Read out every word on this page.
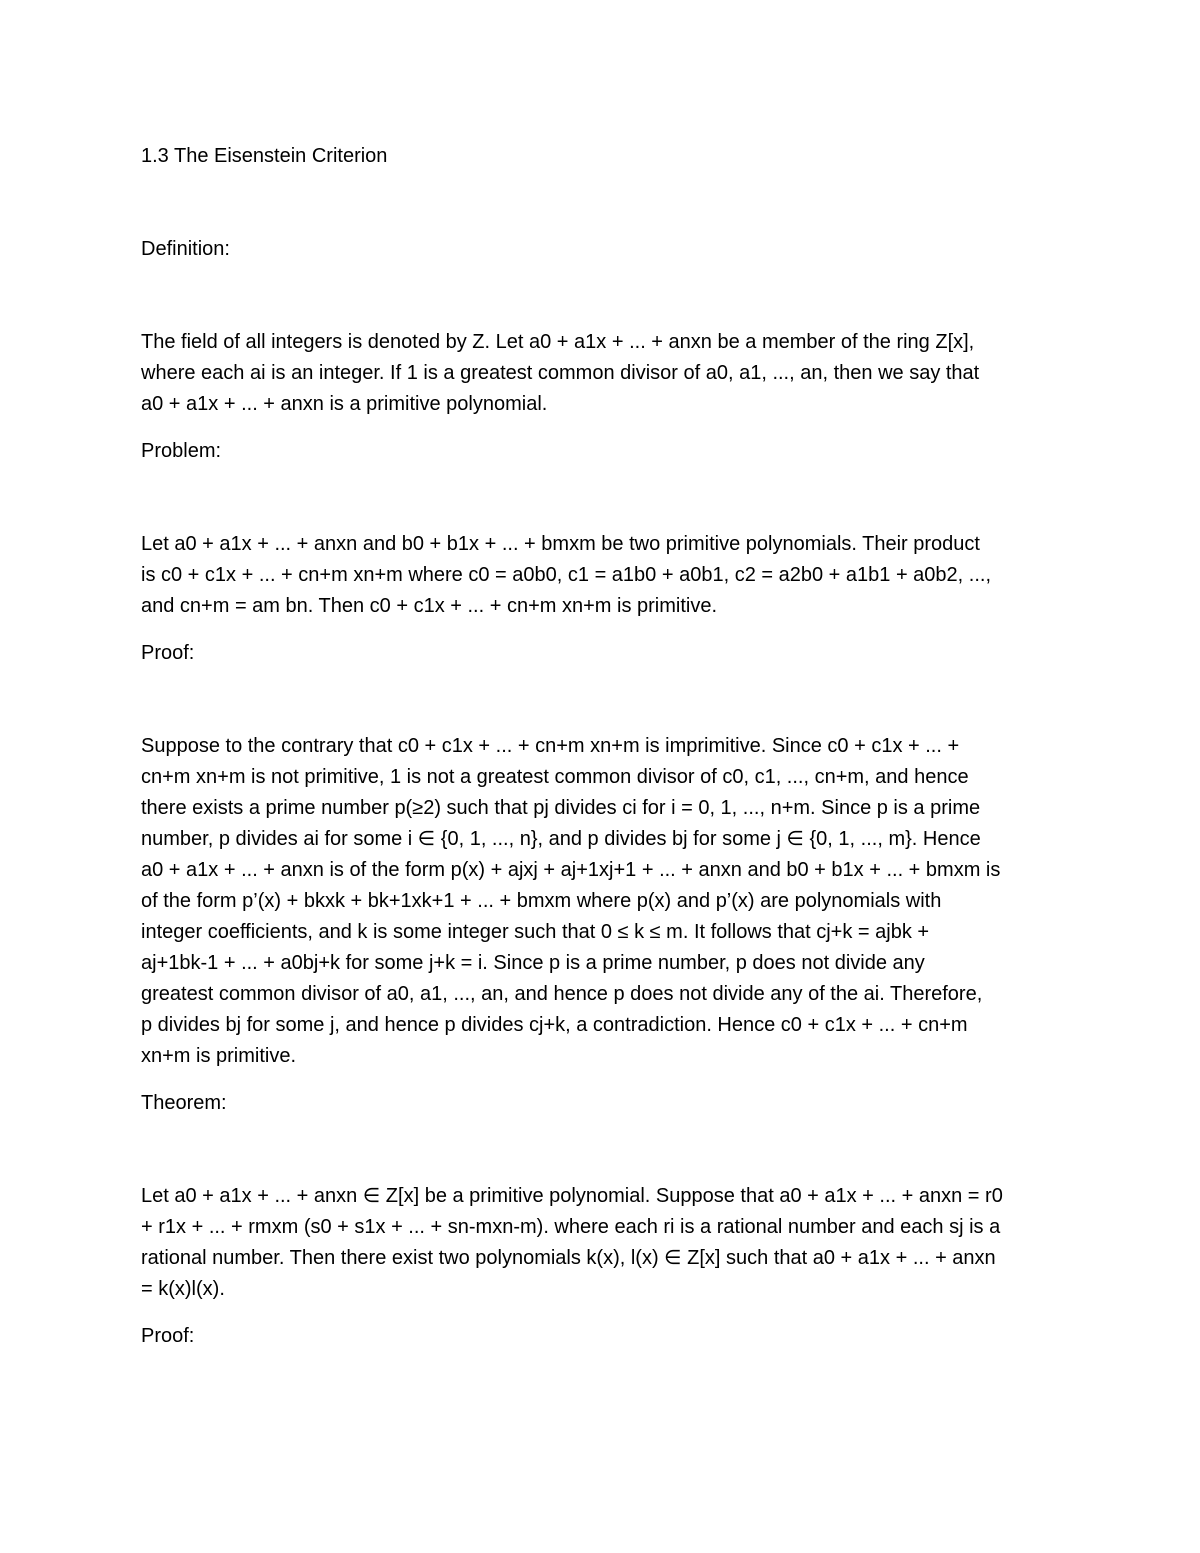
1.3 The Eisenstein Criterion

Definition:

The field of all integers is denoted by Z. Let a0 + a1x + ... + anxn be a member of the ring Z[x],

where each ai is an integer. If 1 is a greatest common divisor of a0, a1, ..., an, then we say that

a0 + a1x + ... + anxn is a primitive polynomial.

Problem:

Let a0 + a1x + ... + anxn and b0 + b1x + ... + bmxm be two primitive polynomials. Their product

is c0 + c1x + ... + cn+m xn+m where c0 = a0b0, c1 = a1b0 + a0b1, c2 = a2b0 + a1b1 + a0b2, ...,

and cn+m = am bn. Then c0 + c1x + ... + cn+m xn+m is primitive.

Proof:

Suppose to the contrary that c0 + c1x + ... + cn+m xn+m is imprimitive. Since c0 + c1x + ... +

cn+m xn+m is not primitive, 1 is not a greatest common divisor of c0, c1, ..., cn+m, and hence

there exists a prime number p(≥2) such that pj divides ci for i = 0, 1, ..., n+m. Since p is a prime

number, p divides ai for some i ∈ {0, 1, ..., n}, and p divides bj for some j ∈ {0, 1, ..., m}. Hence

a0 + a1x + ... + anxn is of the form p(x) + ajxj + aj+1xj+1 + ... + anxn and b0 + b1x + ... + bmxm is

of the form p’(x) + bkxk + bk+1xk+1 + ... + bmxm where p(x) and p’(x) are polynomials with

integer coefficients, and k is some integer such that 0 ≤ k ≤ m. It follows that cj+k = ajbk +

aj+1bk-1 + ... + a0bj+k for some j+k = i. Since p is a prime number, p does not divide any

greatest common divisor of a0, a1, ..., an, and hence p does not divide any of the ai. Therefore,

p divides bj for some j, and hence p divides cj+k, a contradiction. Hence c0 + c1x + ... + cn+m

xn+m is primitive.

Theorem:

Let a0 + a1x + ... + anxn ∈ Z[x] be a primitive polynomial. Suppose that a0 + a1x + ... + anxn = r0

+ r1x + ... + rmxm (s0 + s1x + ... + sn-mxn-m). where each ri is a rational number and each sj is a

rational number. Then there exist two polynomials k(x), l(x) ∈ Z[x] such that a0 + a1x + ... + anxn

= k(x)l(x).

Proof:
